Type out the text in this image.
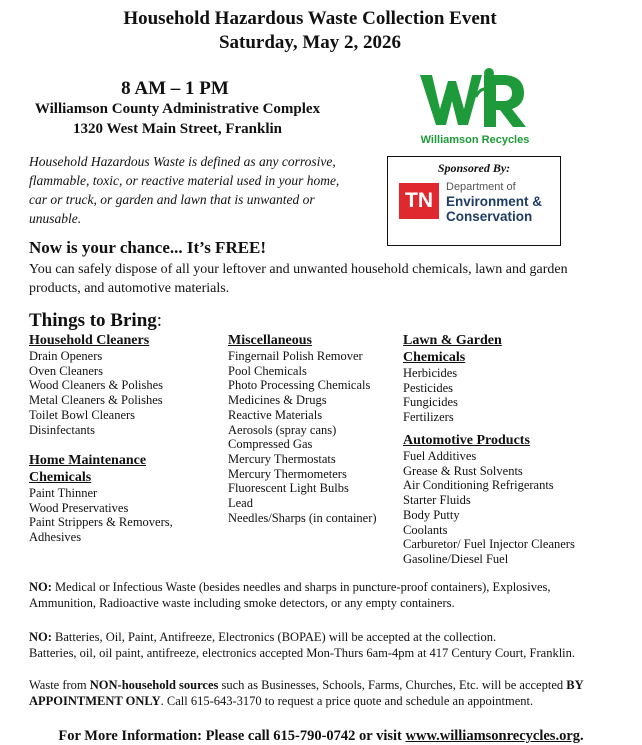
Household Hazardous Waste Collection Event
Saturday, May 2, 2026
8 AM – 1 PM
Williamson County Administrative Complex
1320 West Main Street, Franklin
Household Hazardous Waste is defined as any corrosive, flammable, toxic, or reactive material used in your home, car or truck, or garden and lawn that is unwanted or unusable.
Williamson Recycles
Sponsored By:
TN
Department of
Environment &
Conservation
Now is your chance... It’s FREE!
You can safely dispose of all your leftover and unwanted household chemicals, lawn and garden products, and automotive materials.
Things to Bring:
Household Cleaners
Drain Openers
Oven Cleaners
Wood Cleaners & Polishes
Metal Cleaners & Polishes
Toilet Bowl Cleaners
Disinfectants
Home Maintenance
Chemicals
Paint Thinner
Wood Preservatives
Paint Strippers & Removers,
Adhesives
Miscellaneous
Fingernail Polish Remover
Pool Chemicals
Photo Processing Chemicals
Medicines & Drugs
Reactive Materials
Aerosols (spray cans)
Compressed Gas
Mercury Thermostats
Mercury Thermometers
Fluorescent Light Bulbs
Lead
Needles/Sharps (in container)
Lawn & Garden
Chemicals
Herbicides
Pesticides
Fungicides
Fertilizers
Automotive Products
Fuel Additives
Grease & Rust Solvents
Air Conditioning Refrigerants
Starter Fluids
Body Putty
Coolants
Carburetor/ Fuel Injector Cleaners
Gasoline/Diesel Fuel
NO: Medical or Infectious Waste (besides needles and sharps in puncture-proof containers), Explosives, Ammunition, Radioactive waste including smoke detectors, or any empty containers.
NO: Batteries, Oil, Paint, Antifreeze, Electronics (BOPAE) will be accepted at the collection.
Batteries, oil, oil paint, antifreeze, electronics accepted Mon-Thurs 6am-4pm at 417 Century Court, Franklin.
Waste from NON-household sources such as Businesses, Schools, Farms, Churches, Etc. will be accepted BY APPOINTMENT ONLY. Call 615-643-3170 to request a price quote and schedule an appointment.
For More Information: Please call 615-790-0742 or visit www.williamsonrecycles.org.
